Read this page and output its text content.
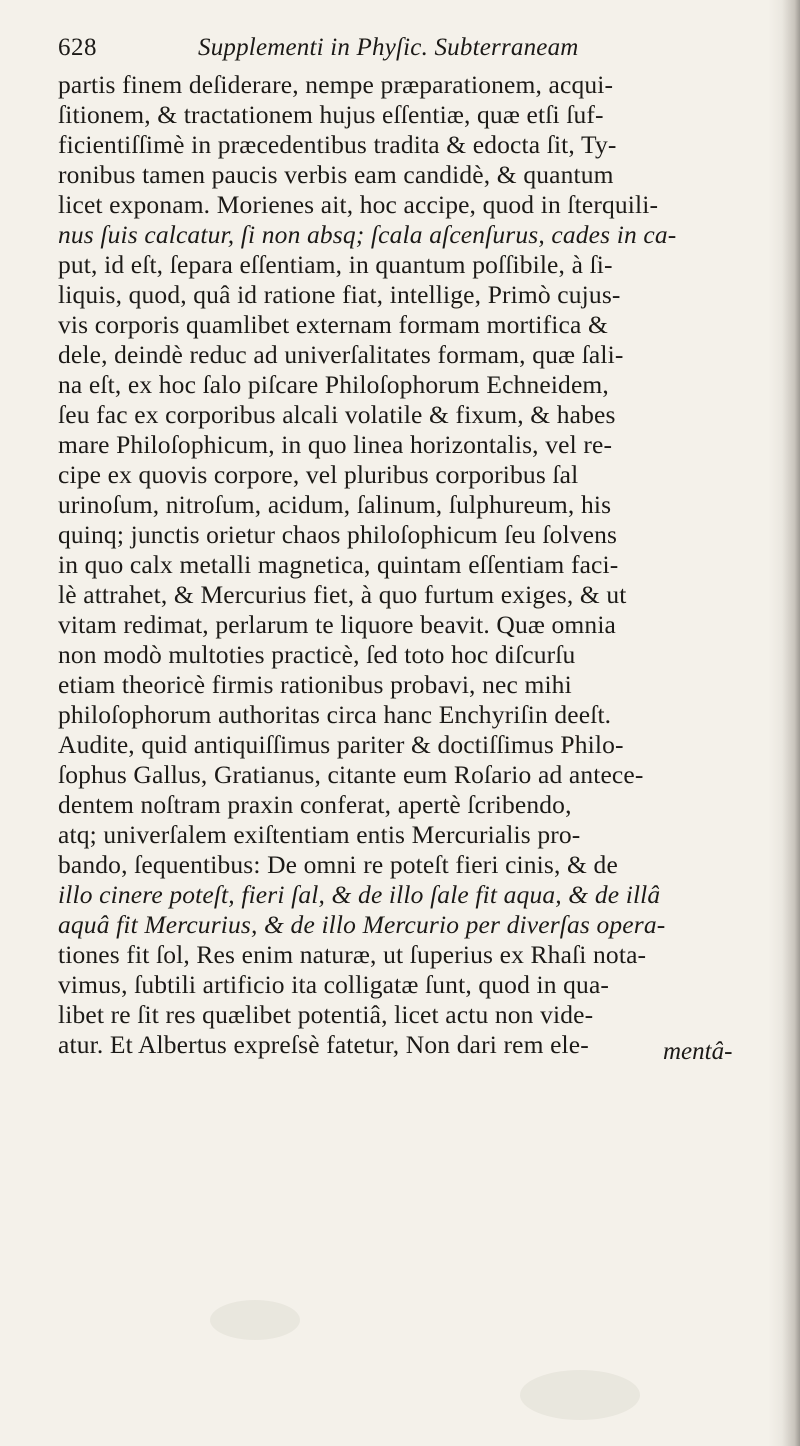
628	Supplementi in Phyſic. Subterraneam
partis finem deſiderare, nempe præparationem, acqui-
ſitionem, & tractationem hujus eſſentiæ, quæ etſi ſuf-
ficientiſſimè in præcedentibus tradita & edocta ſit, Ty-
ronibus tamen paucis verbis eam candidè, & quantum
licet exponam. Morienes ait, hoc accipe, quod in ſterquili-
nus ſuis calcatur, ſi non absq; ſcala aſcenſurus, cades in ca-
put, id eſt, ſepara eſſentiam, in quantum poſſibile, à ſi-
liquis, quod, quâ id ratione fiat, intellige, Primò cujus-
vis corporis quamlibet externam formam mortifica &
dele, deindè reduc ad univerſalitates formam, quæ ſali-
na eſt, ex hoc ſalo piſcare Philoſophorum Echneidem,
ſeu fac ex corporibus alcali volatile & fixum, & habes
mare Philoſophicum, in quo linea horizontalis, vel re-
cipe ex quovis corpore, vel pluribus corporibus ſal
urinoſum, nitroſum, acidum, ſalinum, ſulphureum, his
quinq; junctis orietur chaos philoſophicum ſeu ſolvens
in quo calx metalli magnetica, quintam eſſentiam faci-
lè attrahet, & Mercurius fiet, à quo furtum exiges, & ut
vitam redimat, perlarum te liquore beavit. Quæ omnia
non modò multoties practicè, ſed toto hoc diſcurſu
etiam theoricè firmis rationibus probavi, nec mihi
philoſophorum authoritas circa hanc Enchyriſin deeſt.
Audite, quid antiquiſſimus pariter & doctiſſimus Philo-
ſophus Gallus, Gratianus, citante eum Roſario ad antece-
dentem noſtram praxin conferat, apertè ſcribendo,
atq; univerſalem exiſtentiam entis Mercurialis pro-
bando, ſequentibus: De omni re poteſt fieri cinis, & de
illo cinere poteſt, fieri ſal, & de illo ſale fit aqua, & de illâ
aquâ fit Mercurius, & de illo Mercurio per diverſas opera-
tiones fit ſol, Res enim naturæ, ut ſuperius ex Rhaſi nota-
vimus, ſubtili artificio ita colligatæ ſunt, quod in qua-
libet re ſit res quælibet potentiâ, licet actu non vide-
atur. Et Albertus expreſsè fatetur, Non dari rem ele-	mentâ-
